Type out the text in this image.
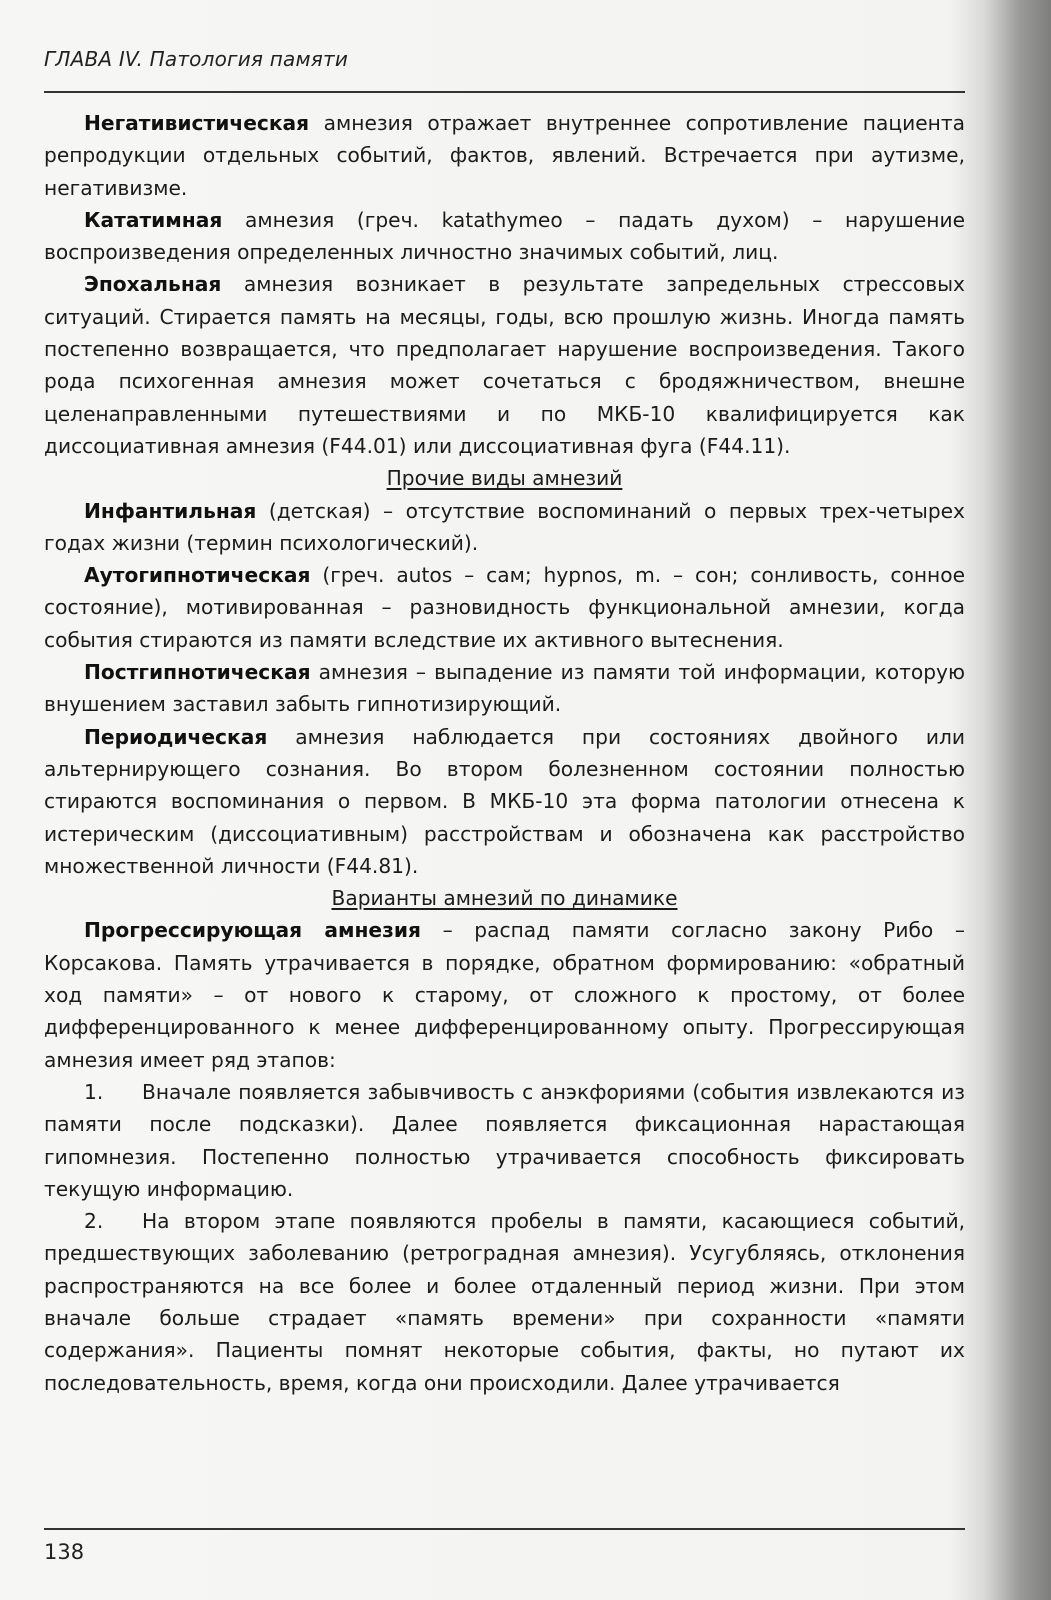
ГЛАВА IV. Патология памяти

Негативистическая амнезия отражает внутреннее сопротивление пациента репродукции отдельных событий, фактов, явлений. Встречается при аутизме, негативизме.

Кататимная амнезия (греч. katathymeo – падать духом) – нарушение воспроизведения определенных личностно значимых событий, лиц.

Эпохальная амнезия возникает в результате запредельных стрессовых ситуаций. Стирается память на месяцы, годы, всю прошлую жизнь. Иногда память постепенно возвращается, что предполагает нарушение воспроизведения. Такого рода психогенная амнезия может сочетаться с бродяжничеством, внешне целенаправленными путешествиями и по МКБ-10 квалифицируется как диссоциативная амнезия (F44.01) или диссоциативная фуга (F44.11).

Прочие виды амнезий

Инфантильная (детская) – отсутствие воспоминаний о первых трех-четырех годах жизни (термин психологический).

Аутогипнотическая (греч. autos – сам; hypnos, m. – сон; сонливость, сонное состояние), мотивированная – разновидность функциональной амнезии, когда события стираются из памяти вследствие их активного вытеснения.

Постгипнотическая амнезия – выпадение из памяти той информации, которую внушением заставил забыть гипнотизирующий.

Периодическая амнезия наблюдается при состояниях двойного или альтернирующего сознания. Во втором болезненном состоянии полностью стираются воспоминания о первом. В МКБ-10 эта форма патологии отнесена к истерическим (диссоциативным) расстройствам и обозначена как расстройство множественной личности (F44.81).

Варианты амнезий по динамике

Прогрессирующая амнезия – распад памяти согласно закону Рибо – Корсакова. Память утрачивается в порядке, обратном формированию: «обратный ход памяти» – от нового к старому, от сложного к простому, от более дифференцированного к менее дифференцированному опыту. Прогрессирующая амнезия имеет ряд этапов:

1. Вначале появляется забывчивость с анэкфориями (события извлекаются из памяти после подсказки). Далее появляется фиксационная нарастающая гипомнезия. Постепенно полностью утрачивается способность фиксировать текущую информацию.

2. На втором этапе появляются пробелы в памяти, касающиеся событий, предшествующих заболеванию (ретроградная амнезия). Усугубляясь, отклонения распространяются на все более и более отдаленный период жизни. При этом вначале больше страдает «память времени» при сохранности «памяти содержания». Пациенты помнят некоторые события, факты, но путают их последовательность, время, когда они происходили. Далее утрачивается

138
